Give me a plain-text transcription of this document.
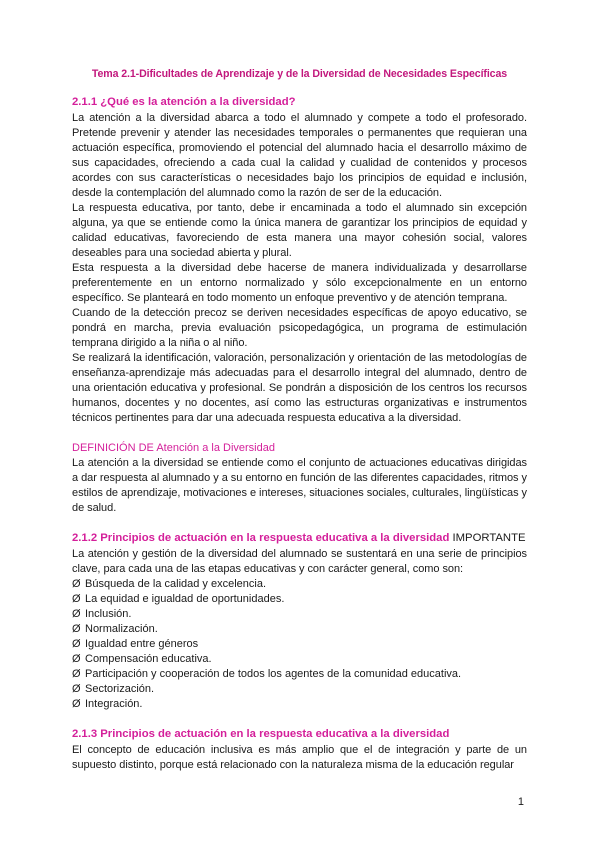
Tema 2.1-Dificultades de Aprendizaje y de la Diversidad de Necesidades Específicas

2.1.1 ¿Qué es la atención a la diversidad?

La atención a la diversidad abarca a todo el alumnado y compete a todo el profesorado. Pretende prevenir y atender las necesidades temporales o permanentes que requieran una actuación específica, promoviendo el potencial del alumnado hacia el desarrollo máximo de sus capacidades, ofreciendo a cada cual la calidad y cualidad de contenidos y procesos acordes con sus características o necesidades bajo los principios de equidad e inclusión, desde la contemplación del alumnado como la razón de ser de la educación.

La respuesta educativa, por tanto, debe ir encaminada a todo el alumnado sin excepción alguna, ya que se entiende como la única manera de garantizar los principios de equidad y calidad educativas, favoreciendo de esta manera una mayor cohesión social, valores deseables para una sociedad abierta y plural.

Esta respuesta a la diversidad debe hacerse de manera individualizada y desarrollarse preferentemente en un entorno normalizado y sólo excepcionalmente en un entorno específico. Se planteará en todo momento un enfoque preventivo y de atención temprana.

Cuando de la detección precoz se deriven necesidades específicas de apoyo educativo, se pondrá en marcha, previa evaluación psicopedagógica, un programa de estimulación temprana dirigido a la niña o al niño.

Se realizará la identificación, valoración, personalización y orientación de las metodologías de enseñanza-aprendizaje más adecuadas para el desarrollo integral del alumnado, dentro de una orientación educativa y profesional. Se pondrán a disposición de los centros los recursos humanos, docentes y no docentes, así como las estructuras organizativas e instrumentos técnicos pertinentes para dar una adecuada respuesta educativa a la diversidad.

DEFINICIÓN DE Atención a la Diversidad

La atención a la diversidad se entiende como el conjunto de actuaciones educativas dirigidas a dar respuesta al alumnado y a su entorno en función de las diferentes capacidades, ritmos y estilos de aprendizaje, motivaciones e intereses, situaciones sociales, culturales, lingüísticas y de salud.

2.1.2 Principios de actuación en la respuesta educativa a la diversidad IMPORTANTE

La atención y gestión de la diversidad del alumnado se sustentará en una serie de principios clave, para cada una de las etapas educativas y con carácter general, como son:

Ø Búsqueda de la calidad y excelencia.
Ø La equidad e igualdad de oportunidades.
Ø Inclusión.
Ø Normalización.
Ø Igualdad entre géneros
Ø Compensación educativa.
Ø Participación y cooperación de todos los agentes de la comunidad educativa.
Ø Sectorización.
Ø Integración.

2.1.3 Principios de actuación en la respuesta educativa a la diversidad

El concepto de educación inclusiva es más amplio que el de integración y parte de un supuesto distinto, porque está relacionado con la naturaleza misma de la educación regular

1
